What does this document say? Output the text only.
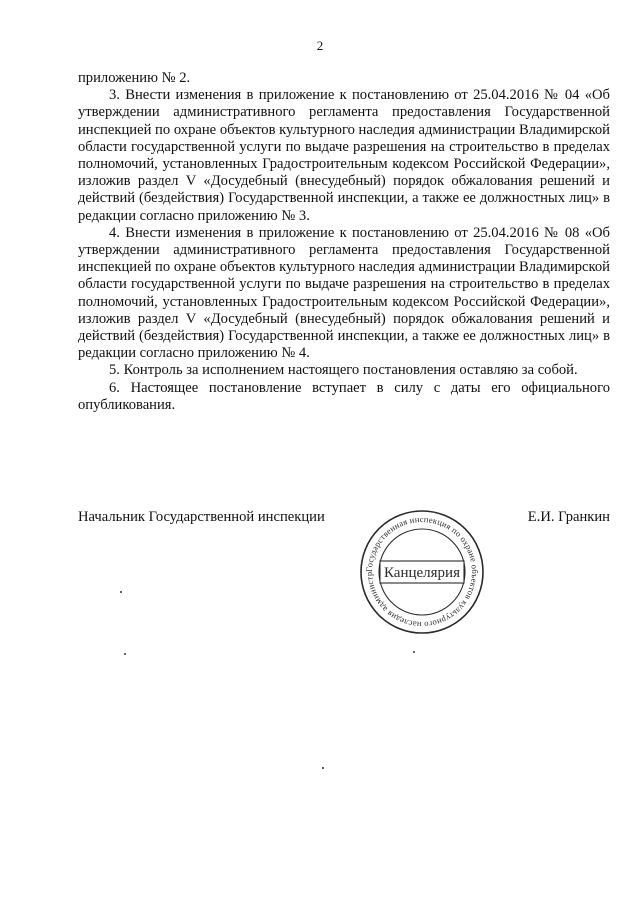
2

приложению № 2.

3. Внести изменения в приложение к постановлению от 25.04.2016 № 04 «Об утверждении административного регламента предоставления Государственной инспекцией по охране объектов культурного наследия администрации Владимирской области государственной услуги по выдаче разрешения на строительство в пределах полномочий, установленных Градостроительным кодексом Российской Федерации», изложив раздел V «Досудебный (внесудебный) порядок обжалования решений и действий (бездействия) Государственной инспекции, а также ее должностных лиц» в редакции согласно приложению № 3.

4. Внести изменения в приложение к постановлению от 25.04.2016 № 08 «Об утверждении административного регламента предоставления Государственной инспекцией по охране объектов культурного наследия администрации Владимирской области государственной услуги по выдаче разрешения на строительство в пределах полномочий, установленных Градостроительным кодексом Российской Федерации», изложив раздел V «Досудебный (внесудебный) порядок обжалования решений и действий (бездействия) Государственной инспекции, а также ее должностных лиц» в редакции согласно приложению № 4.

5. Контроль за исполнением настоящего постановления оставляю за собой.

6. Настоящее постановление вступает в силу с даты его официального опубликования.

Начальник Государственной инспекции	Е.И. Гранкин
Государственная инспекция по охране объектов культурного наследия администр Канцелярия
